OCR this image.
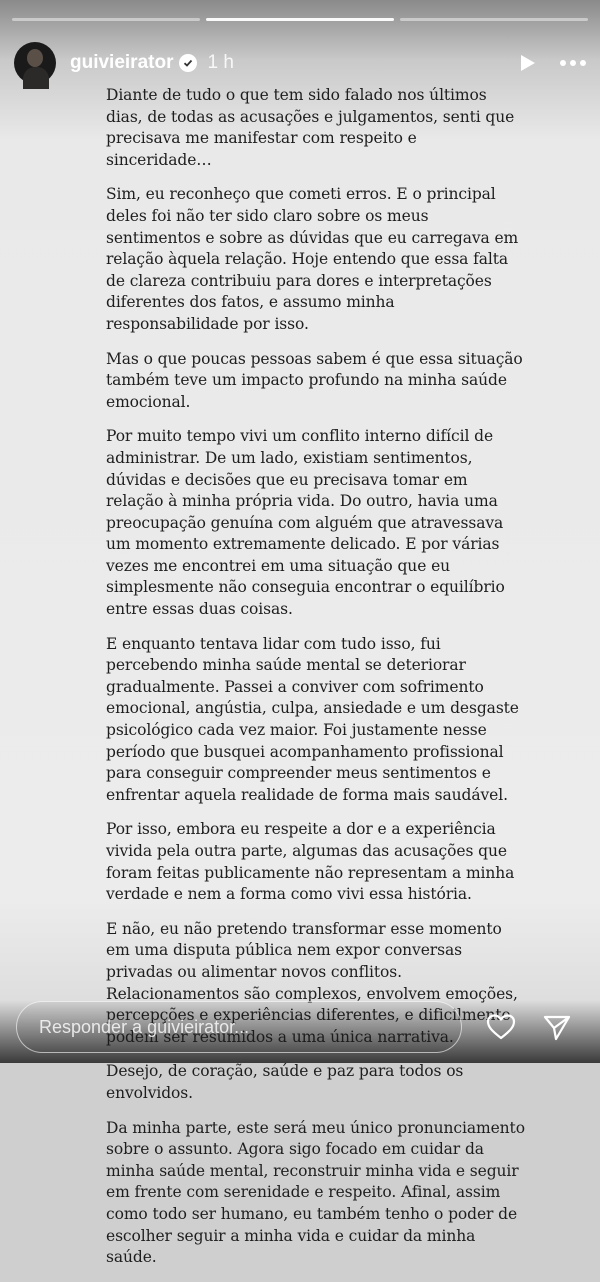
guivieirator 1 h

Diante de tudo o que tem sido falado nos últimos dias, de todas as acusações e julgamentos, senti que precisava me manifestar com respeito e sinceridade…

Sim, eu reconheço que cometi erros. E o principal deles foi não ter sido claro sobre os meus sentimentos e sobre as dúvidas que eu carregava em relação àquela relação. Hoje entendo que essa falta de clareza contribuiu para dores e interpretações diferentes dos fatos, e assumo minha responsabilidade por isso.

Mas o que poucas pessoas sabem é que essa situação também teve um impacto profundo na minha saúde emocional.

Por muito tempo vivi um conflito interno difícil de administrar. De um lado, existiam sentimentos, dúvidas e decisões que eu precisava tomar em relação à minha própria vida. Do outro, havia uma preocupação genuína com alguém que atravessava um momento extremamente delicado. E por várias vezes me encontrei em uma situação que eu simplesmente não conseguia encontrar o equilíbrio entre essas duas coisas.

E enquanto tentava lidar com tudo isso, fui percebendo minha saúde mental se deteriorar gradualmente. Passei a conviver com sofrimento emocional, angústia, culpa, ansiedade e um desgaste psicológico cada vez maior. Foi justamente nesse período que busquei acompanhamento profissional para conseguir compreender meus sentimentos e enfrentar aquela realidade de forma mais saudável.

Por isso, embora eu respeite a dor e a experiência vivida pela outra parte, algumas das acusações que foram feitas publicamente não representam a minha verdade e nem a forma como vivi essa história.

E não, eu não pretendo transformar esse momento em uma disputa pública nem expor conversas privadas ou alimentar novos conflitos. Relacionamentos são complexos, envolvem emoções, percepções e experiências diferentes, e dificilmente podem ser resumidos a uma única narrativa.

Desejo, de coração, saúde e paz para todos os envolvidos.

Da minha parte, este será meu único pronunciamento sobre o assunto. Agora sigo focado em cuidar da minha saúde mental, reconstruir minha vida e seguir em frente com serenidade e respeito. Afinal, assim como todo ser humano, eu também tenho o poder de escolher seguir a minha vida e cuidar da minha saúde.

Responder a guivieirator...
